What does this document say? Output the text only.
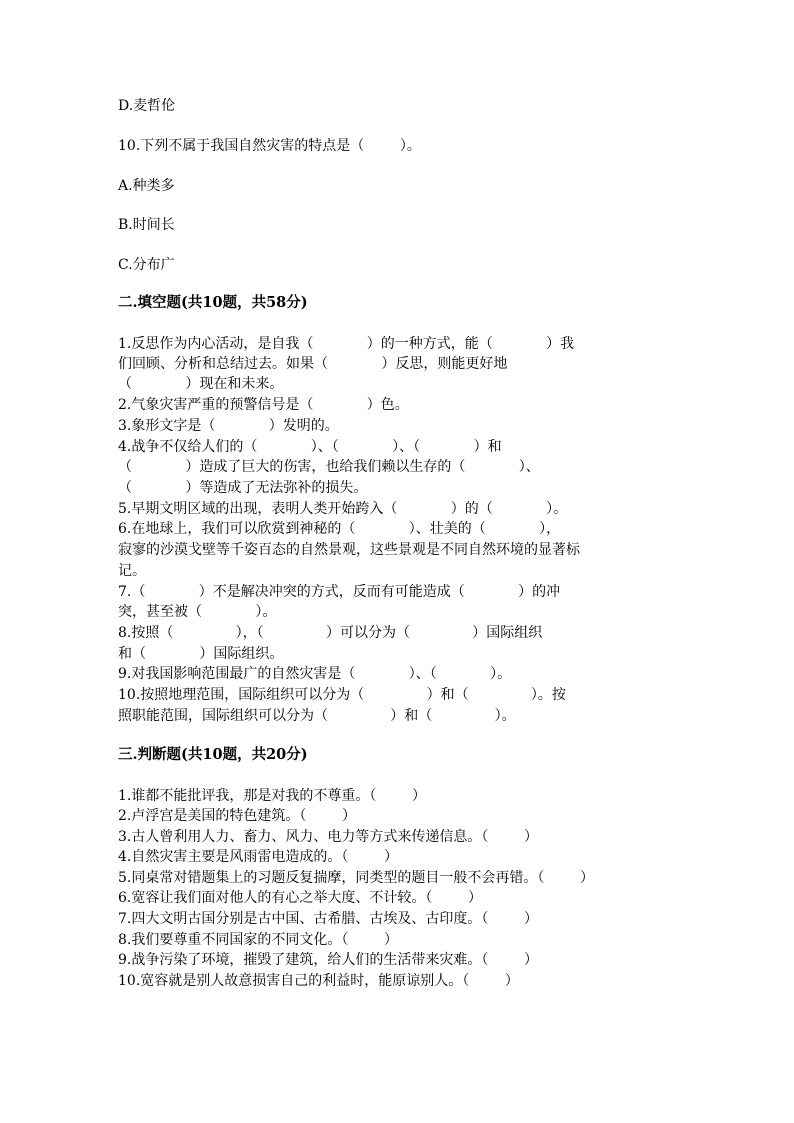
D.麦哲伦

10.下列不属于我国自然灾害的特点是（        ）。

A.种类多

B.时间长

C.分布广

二.填空题(共10题，共58分)

1.反思作为内心活动，是自我（            ）的一种方式，能（            ）我

们回顾、分析和总结过去。如果（            ）反思，则能更好地

（            ）现在和未来。

2.气象灾害严重的预警信号是（            ）色。

3.象形文字是（            ）发明的。

4.战争不仅给人们的（            ）、（            ）、（            ）和

（            ）造成了巨大的伤害，也给我们赖以生存的（            ）、

（            ）等造成了无法弥补的损失。

5.早期文明区域的出现，表明人类开始跨入（            ）的（            ）。

6.在地球上，我们可以欣赏到神秘的（            ）、壮美的（            ），

寂寥的沙漠戈壁等千姿百态的自然景观，这些景观是不同自然环境的显著标

记。

7.（            ）不是解决冲突的方式，反而有可能造成（            ）的冲

突，甚至被（            ）。

8.按照（              ），（              ）可以分为（              ）国际组织

和（            ）国际组织。

9.对我国影响范围最广的自然灾害是（            ）、（            ）。

10.按照地理范围，国际组织可以分为（              ）和（              ）。按

照职能范围，国际组织可以分为（              ）和（              ）。

三.判断题(共10题，共20分)

1.谁都不能批评我，那是对我的不尊重。（        ）

2.卢浮宫是美国的特色建筑。（        ）

3.古人曾利用人力、畜力、风力、电力等方式来传递信息。（        ）

4.自然灾害主要是风雨雷电造成的。（        ）

5.同桌常对错题集上的习题反复揣摩，同类型的题目一般不会再错。（        ）

6.宽容让我们面对他人的有心之举大度、不计较。（        ）

7.四大文明古国分别是古中国、古希腊、古埃及、古印度。（        ）

8.我们要尊重不同国家的不同文化。（        ）

9.战争污染了环境，摧毁了建筑，给人们的生活带来灾难。（        ）

10.宽容就是别人故意损害自己的利益时，能原谅别人。（        ）
